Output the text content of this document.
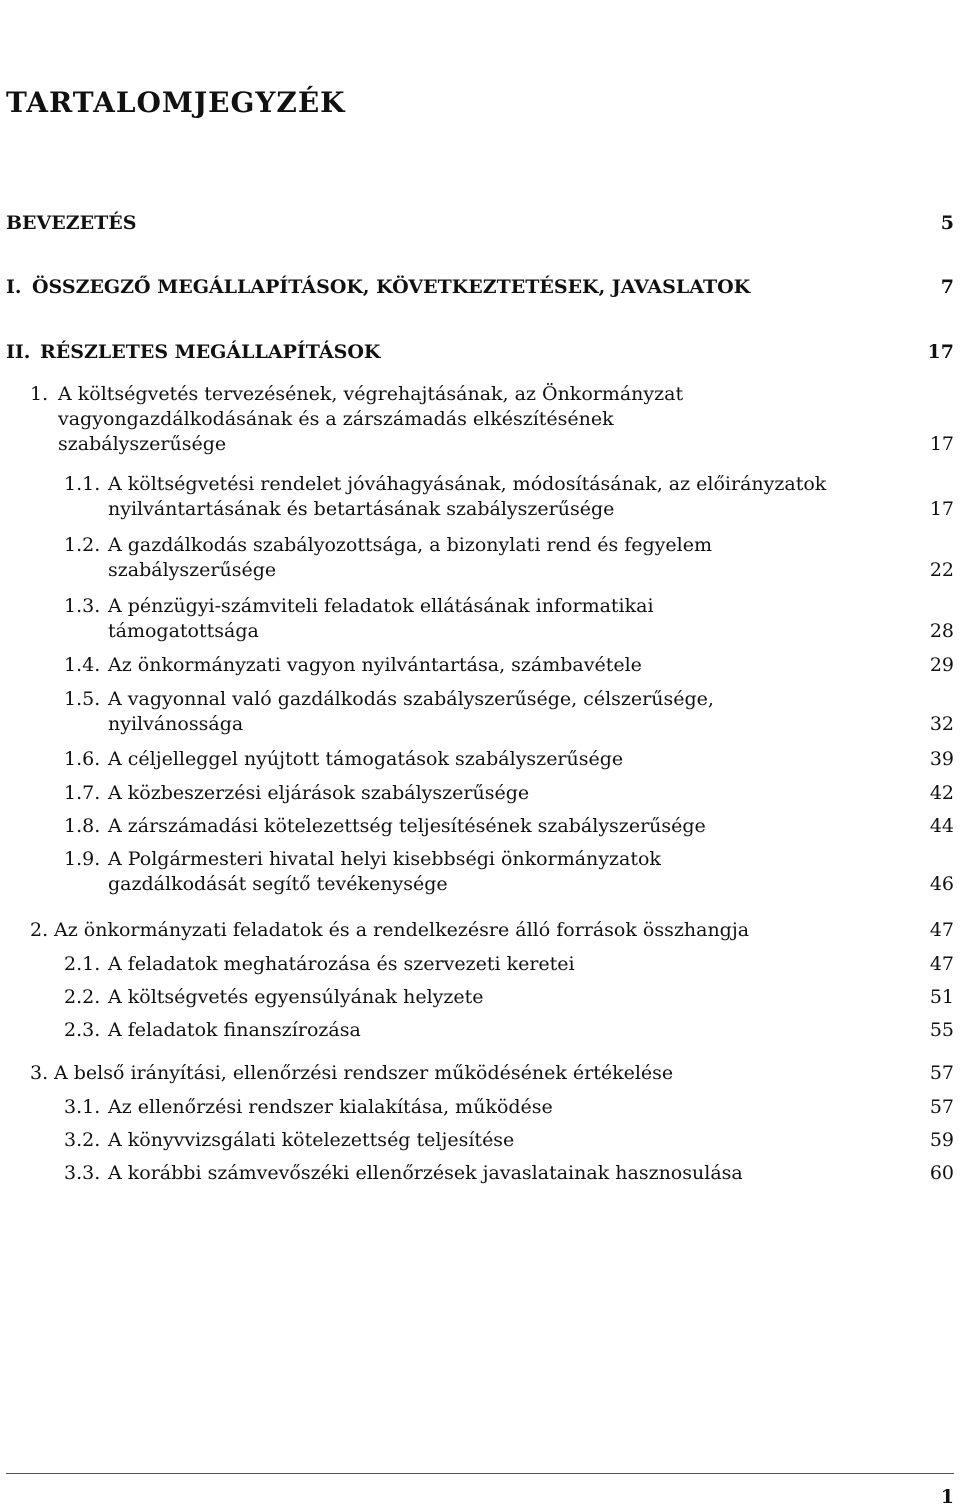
TARTALOMJEGYZÉK
BEVEZETÉS	5
I. ÖSSZEGZŐ MEGÁLLAPÍTÁSOK, KÖVETKEZTETÉSEK, JAVASLATOK	7
II. RÉSZLETES MEGÁLLAPÍTÁSOK	17
1. A költségvetés tervezésének, végrehajtásának, az Önkormányzat vagyongazdálkodásának és a zárszámadás elkészítésének szabályszerűsége	17
1.1. A költségvetési rendelet jóváhagyásának, módosításának, az előirányzatok nyilvántartásának és betartásának szabályszerűsége	17
1.2. A gazdálkodás szabályozottsága, a bizonylati rend és fegyelem szabályszerűsége	22
1.3. A pénzügyi-számviteli feladatok ellátásának informatikai támogatottsága	28
1.4. Az önkormányzati vagyon nyilvántartása, számbavétele	29
1.5. A vagyonnal való gazdálkodás szabályszerűsége, célszerűsége, nyilvánossága	32
1.6. A céljelleggel nyújtott támogatások szabályszerűsége	39
1.7. A közbeszerzési eljárások szabályszerűsége	42
1.8. A zárszámadási kötelezettség teljesítésének szabályszerűsége	44
1.9. A Polgármesteri hivatal helyi kisebbségi önkormányzatok gazdálkodását segítő tevékenysége	46
2. Az önkormányzati feladatok és a rendelkezésre álló források összhangja	47
2.1. A feladatok meghatározása és szervezeti keretei	47
2.2. A költségvetés egyensúlyának helyzete	51
2.3. A feladatok finanszírozása	55
3. A belső irányítási, ellenőrzési rendszer működésének értékelése	57
3.1. Az ellenőrzési rendszer kialakítása, működése	57
3.2. A könyvvizsgálati kötelezettség teljesítése	59
3.3. A korábbi számvevőszéki ellenőrzések javaslatainak hasznosulása	60
1
